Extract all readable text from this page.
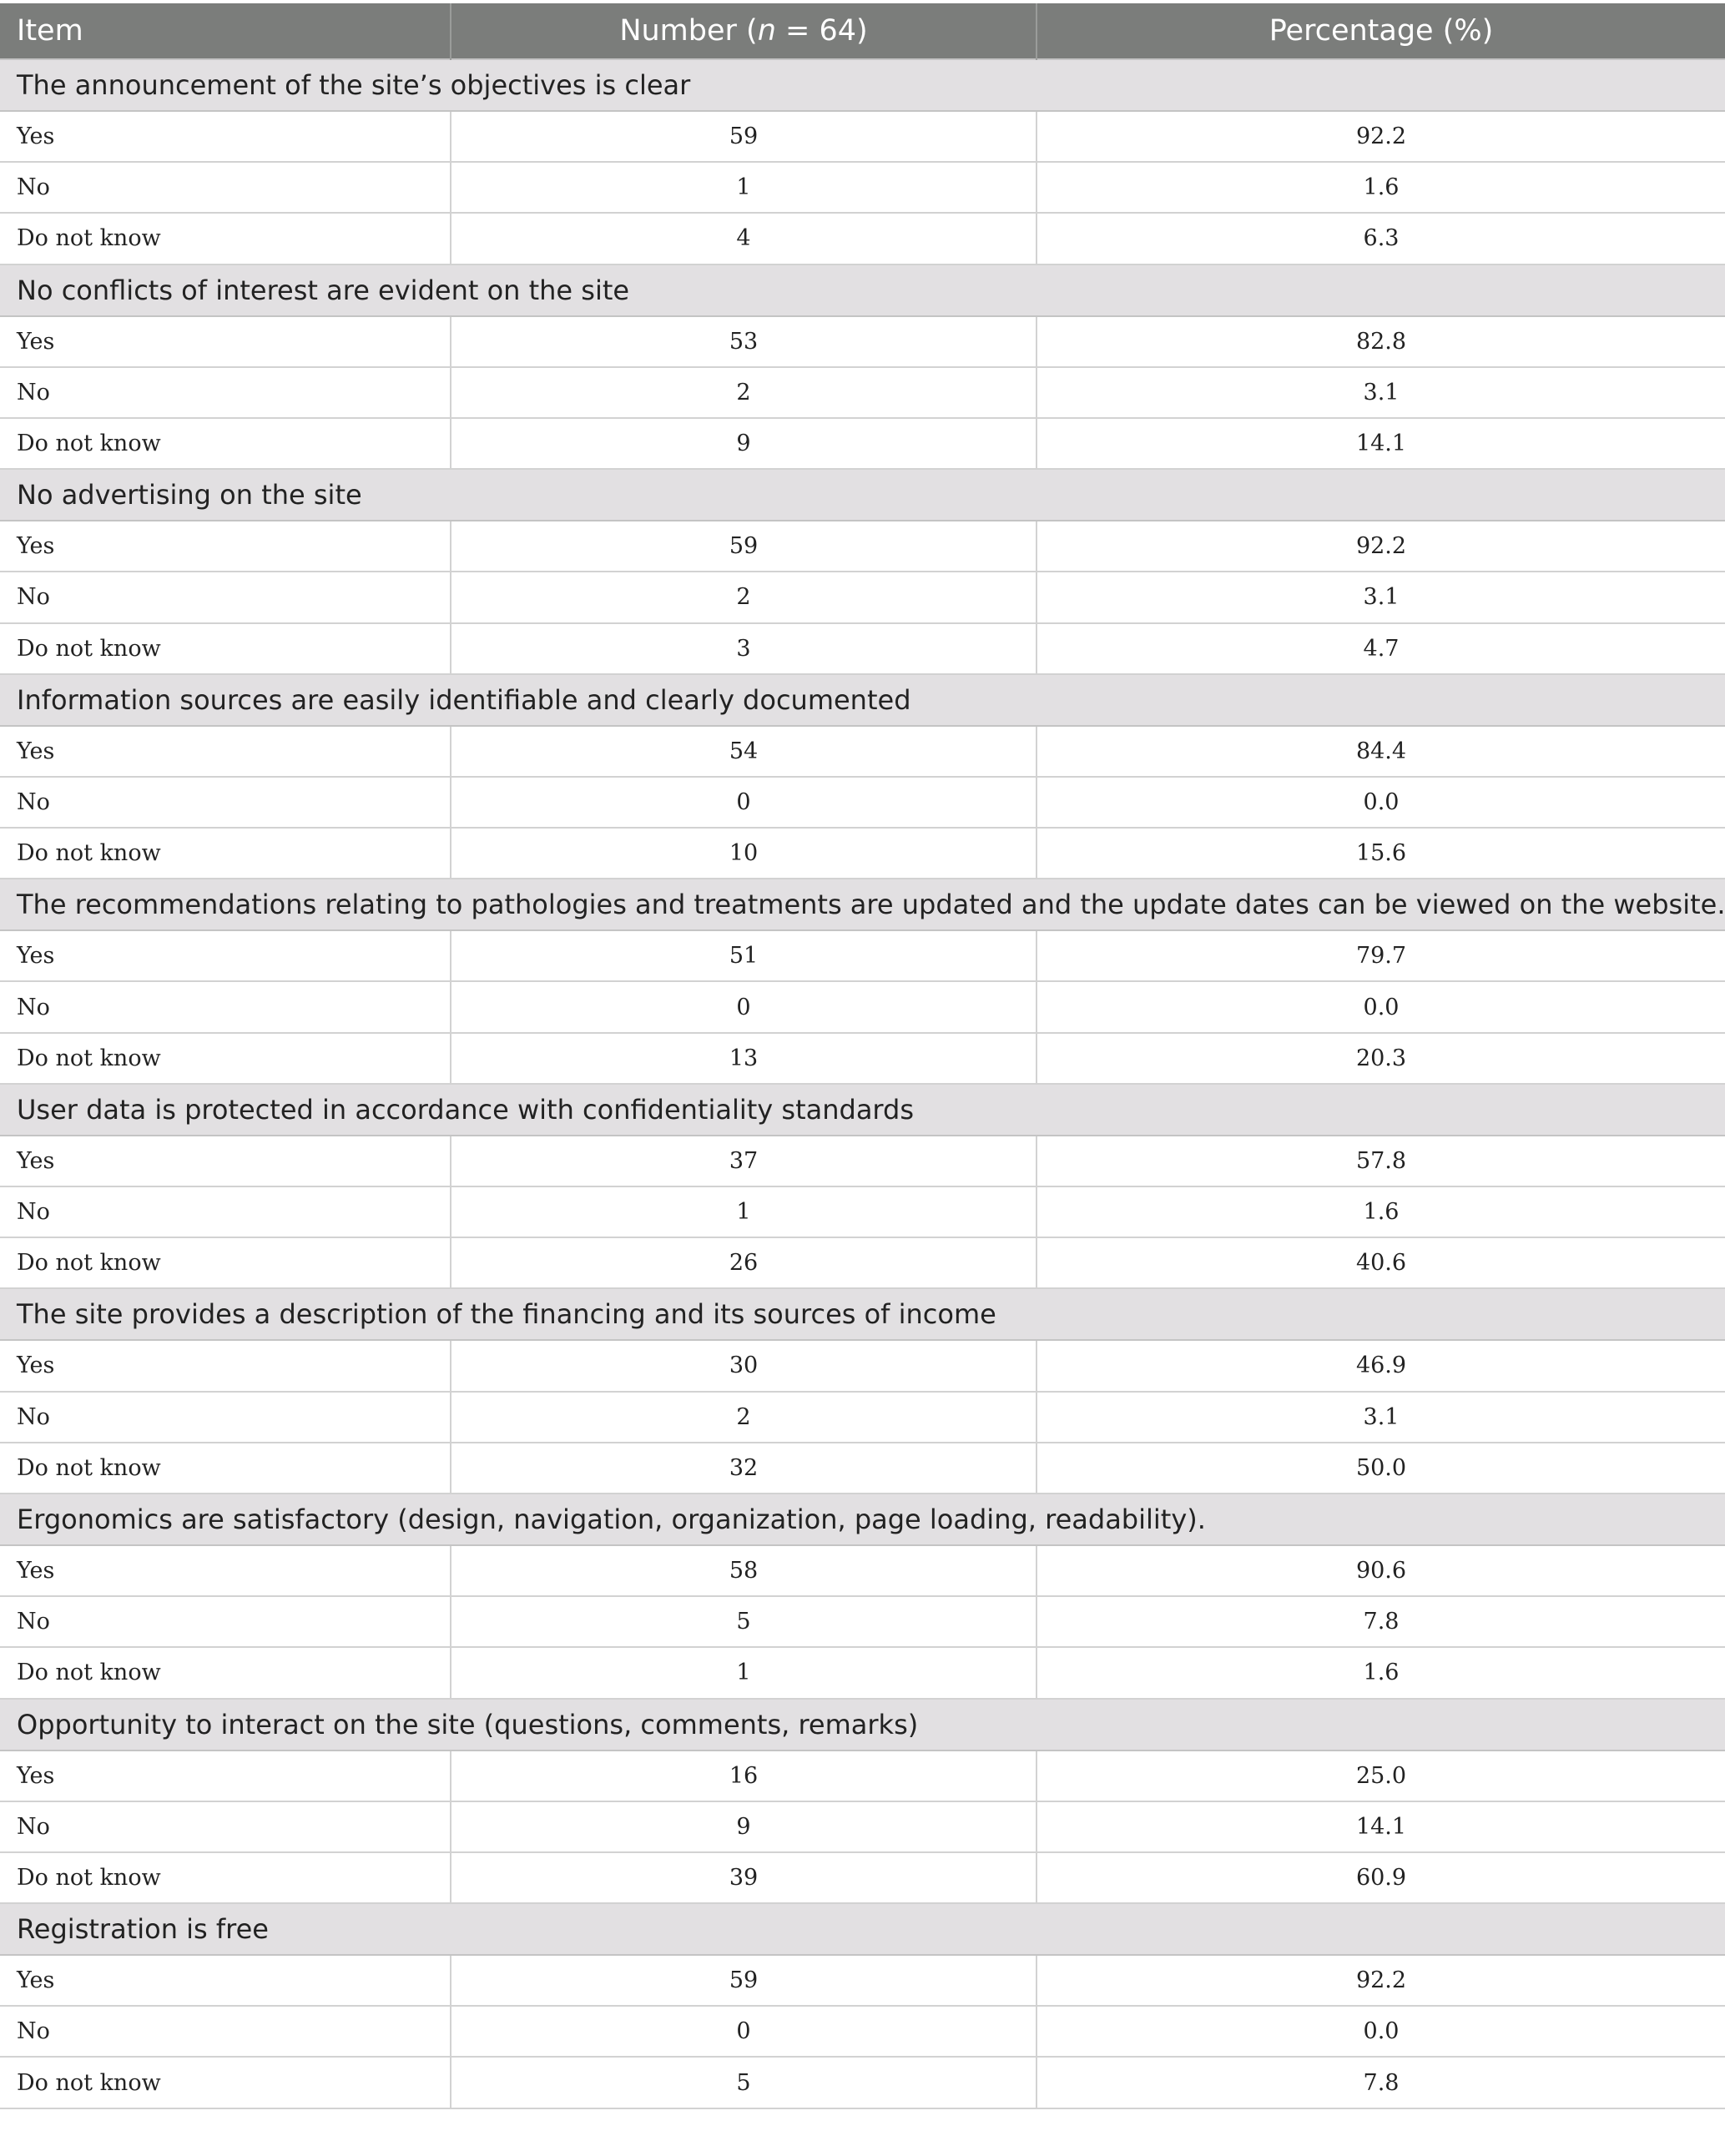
Item	Number (n = 64)	Percentage (%)
The announcement of the site’s objectives is clear		
Yes	59	92.2
No	1	1.6
Do not know	4	6.3
No conflicts of interest are evident on the site		
Yes	53	82.8
No	2	3.1
Do not know	9	14.1
No advertising on the site		
Yes	59	92.2
No	2	3.1
Do not know	3	4.7
Information sources are easily identifiable and clearly documented		
Yes	54	84.4
No	0	0.0
Do not know	10	15.6
The recommendations relating to pathologies and treatments are updated and the update dates can be viewed on the website.		
Yes	51	79.7
No	0	0.0
Do not know	13	20.3
User data is protected in accordance with confidentiality standards		
Yes	37	57.8
No	1	1.6
Do not know	26	40.6
The site provides a description of the financing and its sources of income		
Yes	30	46.9
No	2	3.1
Do not know	32	50.0
Ergonomics are satisfactory (design, navigation, organization, page loading, readability).		
Yes	58	90.6
No	5	7.8
Do not know	1	1.6
Opportunity to interact on the site (questions, comments, remarks)		
Yes	16	25.0
No	9	14.1
Do not know	39	60.9
Registration is free		
Yes	59	92.2
No	0	0.0
Do not know	5	7.8
